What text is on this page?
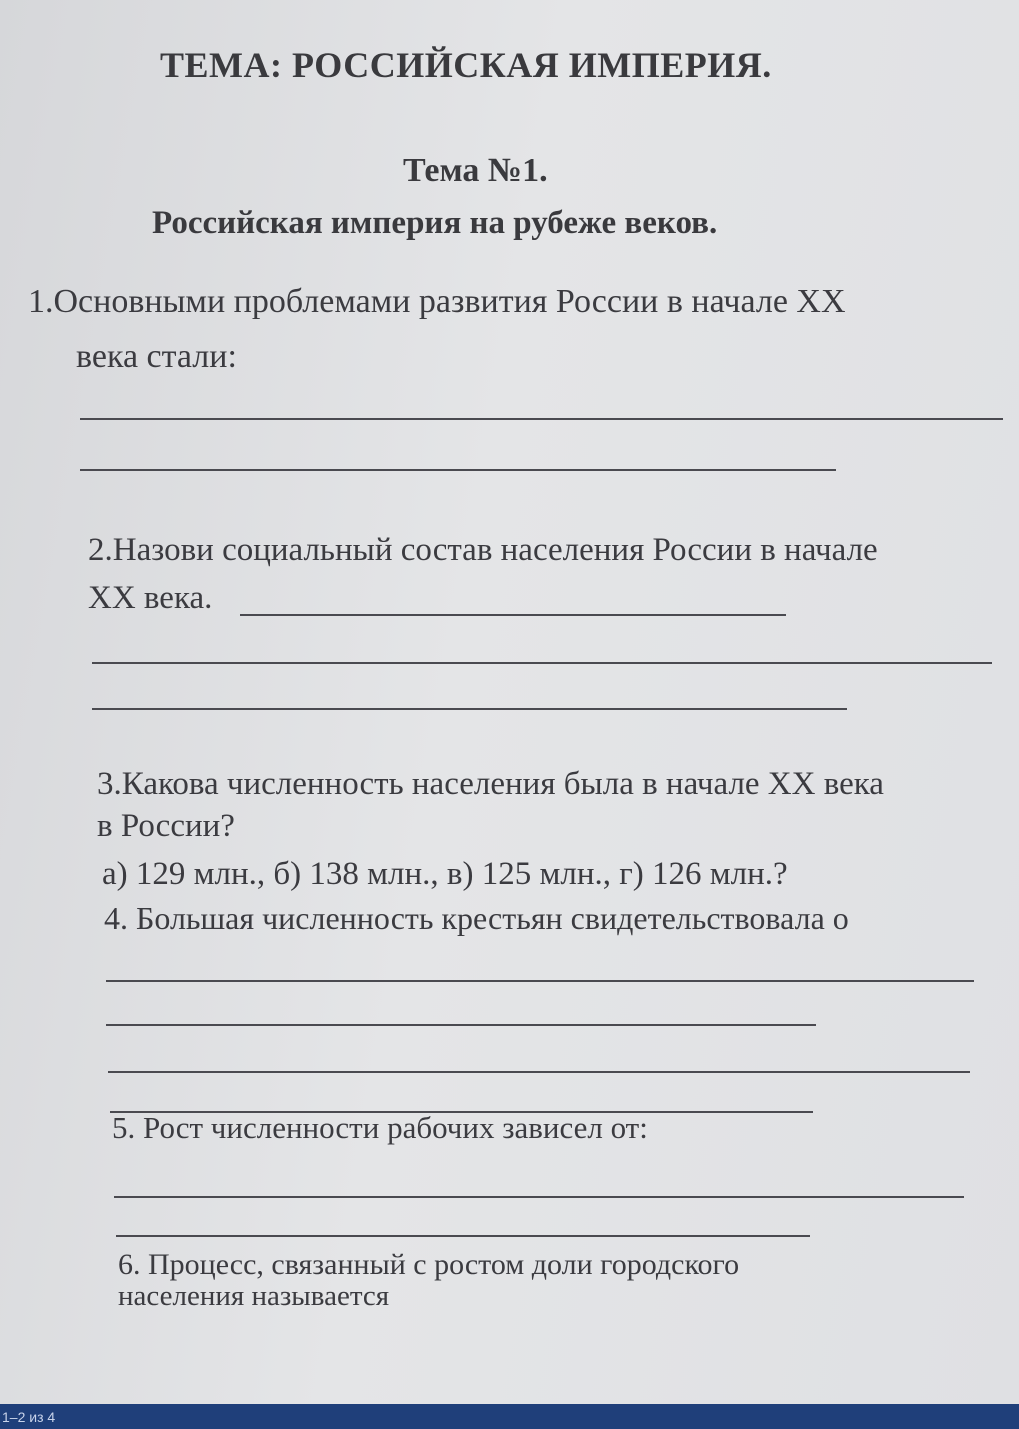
ТЕМА: РОССИЙСКАЯ ИМПЕРИЯ.
Тема №1.
Российская империя на рубеже веков.
1.Основными проблемами развития России в начале XX
века стали:
2.Назови социальный состав населения России в начале
XX века.
3.Какова численность населения была в начале XX века
в России?
а) 129 млн., б) 138 млн., в) 125 млн., г) 126 млн.?
4. Большая численность крестьян свидетельствовала о
5. Рост численности рабочих зависел от:
6. Процесс, связанный с ростом доли городского
населения называется
1–2 из 4
